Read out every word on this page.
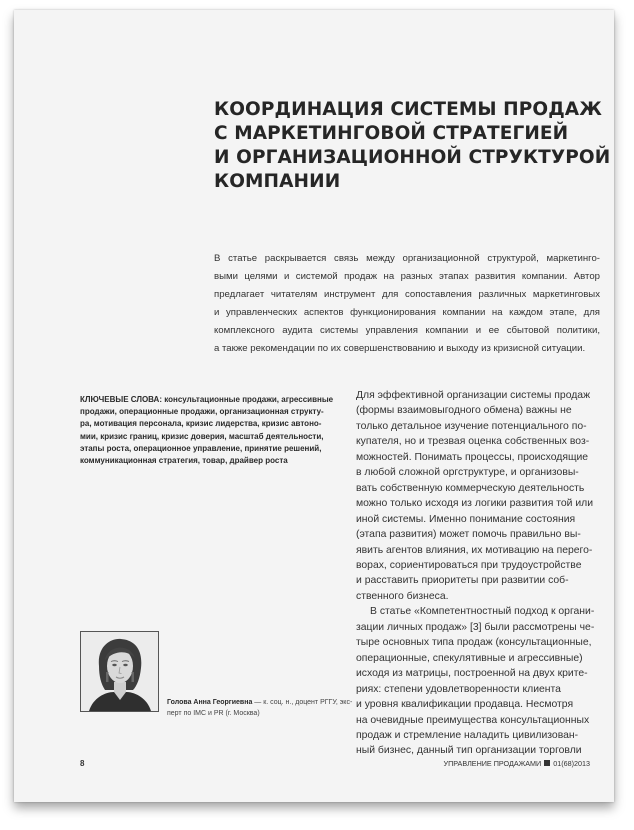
КООРДИНАЦИЯ СИСТЕМЫ ПРОДАЖ
С МАРКЕТИНГОВОЙ СТРАТЕГИЕЙ
И ОРГАНИЗАЦИОННОЙ СТРУКТУРОЙ
КОМПАНИИ
В статье раскрывается связь между организационной структурой, маркетинго-
выми целями и системой продаж на разных этапах развития компании. Автор
предлагает читателям инструмент для сопоставления различных маркетинговых
и управленческих аспектов функционирования компании на каждом этапе, для
комплексного аудита системы управления компании и ее сбытовой политики,
а также рекомендации по их совершенствованию и выходу из кризисной ситуации.
КЛЮЧЕВЫЕ СЛОВА: консультационные продажи, агрессивные
продажи, операционные продажи, организационная структу-
ра, мотивация персонала, кризис лидерства, кризис автоно-
мии, кризис границ, кризис доверия, масштаб деятельности,
этапы роста, операционное управление, принятие решений,
коммуникационная стратегия, товар, драйвер роста
Для эффективной организации системы продаж
(формы взаимовыгодного обмена) важны не
только детальное изучение потенциального по-
купателя, но и трезвая оценка собственных воз-
можностей. Понимать процессы, происходящие
в любой сложной оргструктуре, и организовы-
вать собственную коммерческую деятельность
можно только исходя из логики развития той или
иной системы. Именно понимание состояния
(этапа развития) может помочь правильно вы-
явить агентов влияния, их мотивацию на перего-
ворах, сориентироваться при трудоустройстве
и расставить приоритеты при развитии соб-
ственного бизнеса.
В статье «Компетентностный подход к органи-
зации личных продаж» [3] были рассмотрены че-
тыре основных типа продаж (консультационные,
операционные, спекулятивные и агрессивные)
исходя из матрицы, построенной на двух крите-
риях: степени удовлетворенности клиента
и уровня квалификации продавца. Несмотря
на очевидные преимущества консультационных
продаж и стремление наладить цивилизован-
ный бизнес, данный тип организации торговли
Голова Анна Георгиевна — к. соц. н., доцент РГГУ, экс-
перт по IMC и PR (г. Москва)
8	УПРАВЛЕНИЕ ПРОДАЖАМИ 01(68)2013
